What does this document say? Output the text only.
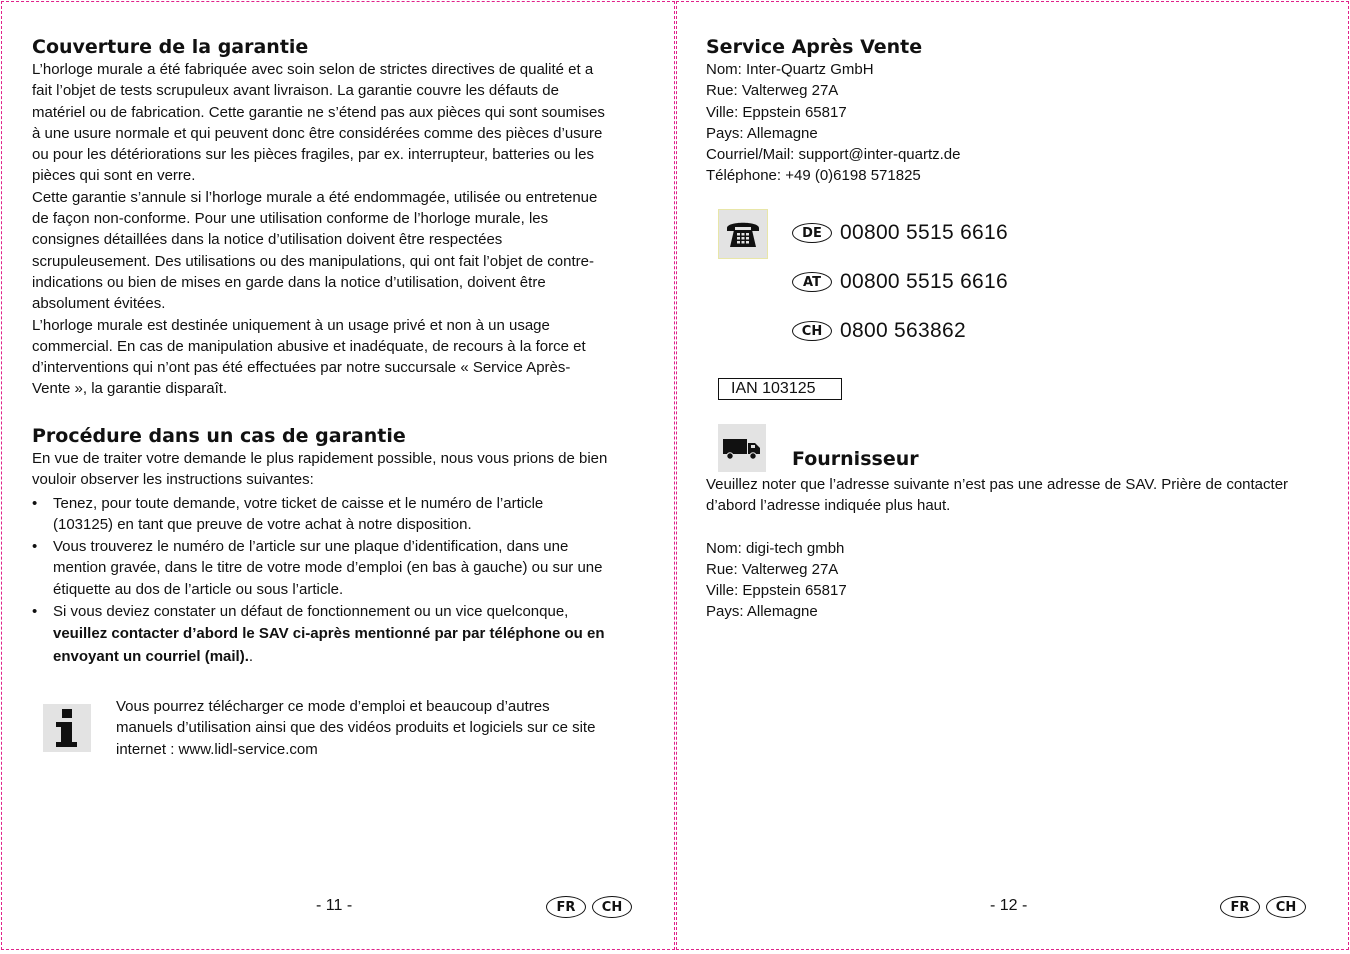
Couverture de la garantie

L’horloge murale a été fabriquée avec soin selon de strictes directives de qualité et a

fait l’objet de tests scrupuleux avant livraison. La garantie couvre les défauts de

matériel ou de fabrication. Cette garantie ne s’étend pas aux pièces qui sont soumises

à une usure normale et qui peuvent donc être considérées comme des pièces d’usure

ou pour les détériorations sur les pièces fragiles, par ex. interrupteur, batteries ou les

pièces qui sont en verre.

Cette garantie s’annule si l’horloge murale a été endommagée, utilisée ou entretenue

de façon non-conforme. Pour une utilisation conforme de l’horloge murale, les

consignes détaillées dans la notice d’utilisation doivent être respectées

scrupuleusement. Des utilisations ou des manipulations, qui ont fait l’objet de contre-

indications ou bien de mises en garde dans la notice d’utilisation, doivent être

absolument évitées.

L’horloge murale est destinée uniquement à un usage privé et non à un usage

commercial. En cas de manipulation abusive et inadéquate, de recours à la force et

d’interventions qui n’ont pas été effectuées par notre succursale « Service Après-

Vente », la garantie disparaît.

Procédure dans un cas de garantie

En vue de traiter votre demande le plus rapidement possible, nous vous prions de bien

vouloir observer les instructions suivantes:

• Tenez, pour toute demande, votre ticket de caisse et le numéro de l’article
(103125) en tant que preuve de votre achat à notre disposition.
• Vous trouverez le numéro de l’article sur une plaque d’identification, dans une
mention gravée, dans le titre de votre mode d’emploi (en bas à gauche) ou sur une
étiquette au dos de l’article ou sous l’article.
• Si vous deviez constater un défaut de fonctionnement ou un vice quelconque,
veuillez contacter d’abord le SAV ci-après mentionné par par téléphone ou en
envoyant un courriel (mail)..

Vous pourrez télécharger ce mode d’emploi et beaucoup d’autres

manuels d’utilisation ainsi que des vidéos produits et logiciels sur ce site

internet : www.lidl-service.com

- 11 -	FR	CH
Service Après Vente

Nom: Inter-Quartz GmbH

Rue: Valterweg 27A

Ville: Eppstein 65817

Pays: Allemagne

Courriel/Mail: support@inter-quartz.de

Téléphone: +49 (0)6198 571825

DE 00800 5515 6616
AT 00800 5515 6616
CH 0800 563862
IAN 103125
Fournisseur

Veuillez noter que l’adresse suivante n’est pas une adresse de SAV. Prière de contacter

d’abord l’adresse indiquée plus haut.

Nom: digi-tech gmbh

Rue: Valterweg 27A

Ville: Eppstein 65817

Pays: Allemagne

- 12 -	FR	CH
